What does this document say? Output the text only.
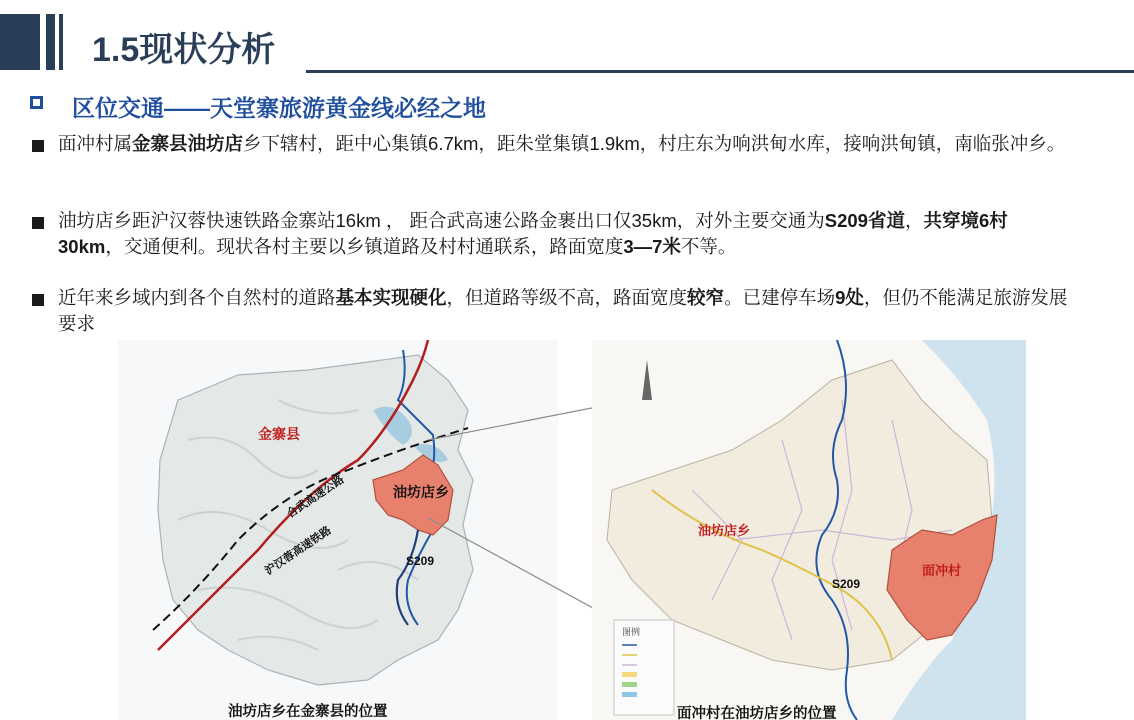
1.5现状分析
区位交通——天堂寨旅游黄金线必经之地
面冲村属金寨县油坊店乡下辖村，距中心集镇6.7km，距朱堂集镇1.9km，村庄东为响洪甸水库，接响洪甸镇，南临张冲乡。
油坊店乡距沪汉蓉快速铁路金寨站16km ， 距合武高速公路金裹出口仅35km，对外主要交通为S209省道，共穿境6村30km，交通便利。现状各村主要以乡镇道路及村村通联系，路面宽度3—7米不等。
近年来乡域内到各个自然村的道路基本实现硬化，但道路等级不高，路面宽度较窄。已建停车场9处，但仍不能满足旅游发展要求
金寨县
油坊店乡
合武高速公路
沪汉蓉高速铁路	S209
油坊店乡在金寨县的位置
图例
油坊店乡
面冲村
S209
面冲村在油坊店乡的位置
